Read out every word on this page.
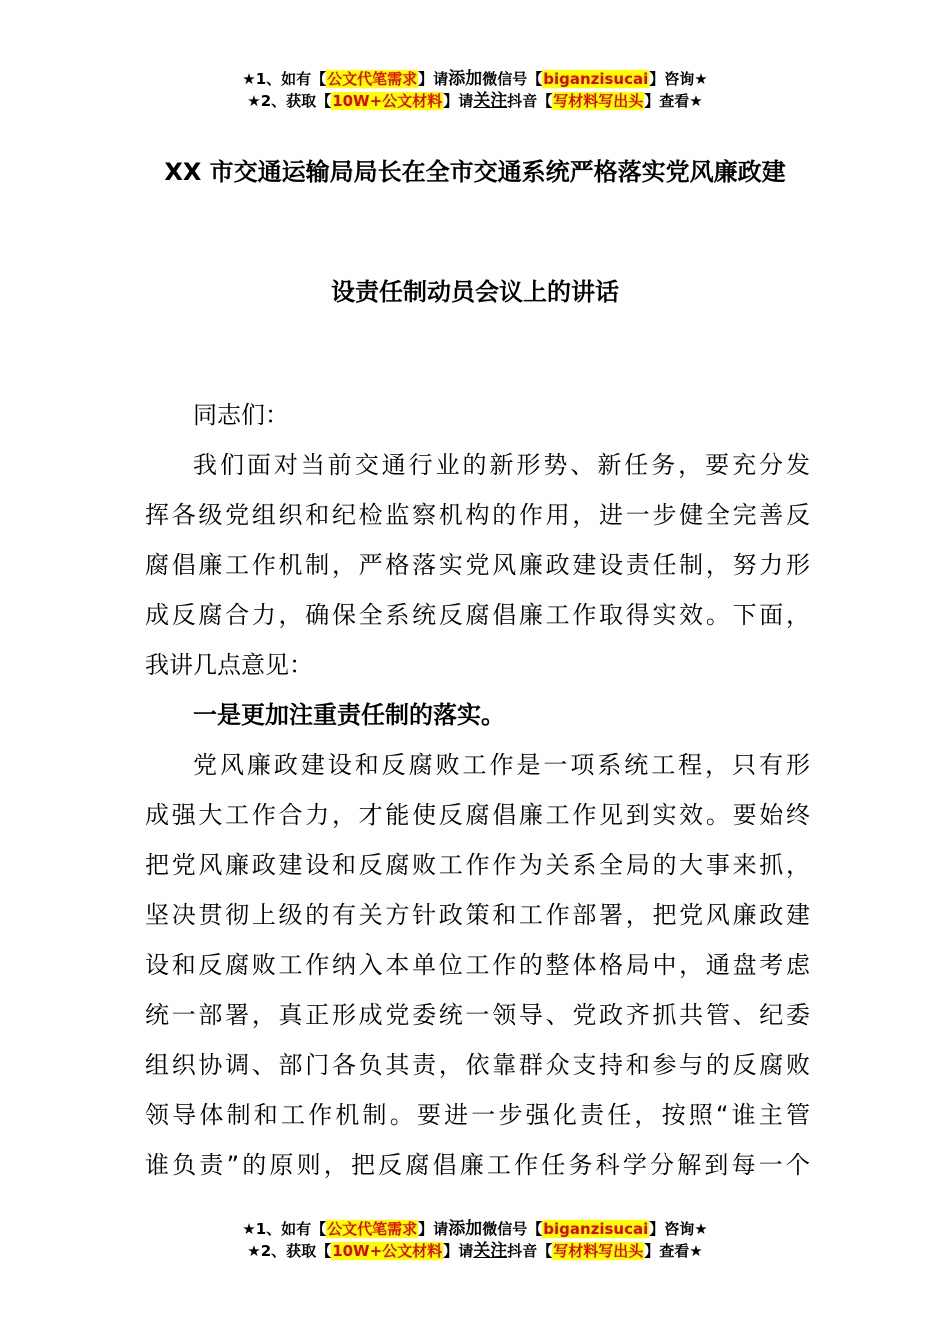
★1、如有【公文代笔需求】请添加微信号【biganzisucai】咨询★
★2、获取【10W+公文材料】请关注抖音【写材料写出头】查看★
XX 市交通运输局局长在全市交通系统严格落实党风廉政建
设责任制动员会议上的讲话
同志们：
我们面对当前交通行业的新形势、新任务，要充分发
挥各级党组织和纪检监察机构的作用，进一步健全完善反
腐倡廉工作机制，严格落实党风廉政建设责任制，努力形
成反腐合力，确保全系统反腐倡廉工作取得实效。下面，
我讲几点意见：
一是更加注重责任制的落实。
党风廉政建设和反腐败工作是一项系统工程，只有形
成强大工作合力，才能使反腐倡廉工作见到实效。要始终
把党风廉政建设和反腐败工作作为关系全局的大事来抓，
坚决贯彻上级的有关方针政策和工作部署，把党风廉政建
设和反腐败工作纳入本单位工作的整体格局中，通盘考虑
统一部署，真正形成党委统一领导、党政齐抓共管、纪委
组织协调、部门各负其责，依靠群众支持和参与的反腐败
领导体制和工作机制。要进一步强化责任，按照“谁主管
谁负责”的原则，把反腐倡廉工作任务科学分解到每一个
★1、如有【公文代笔需求】请添加微信号【biganzisucai】咨询★
★2、获取【10W+公文材料】请关注抖音【写材料写出头】查看★
